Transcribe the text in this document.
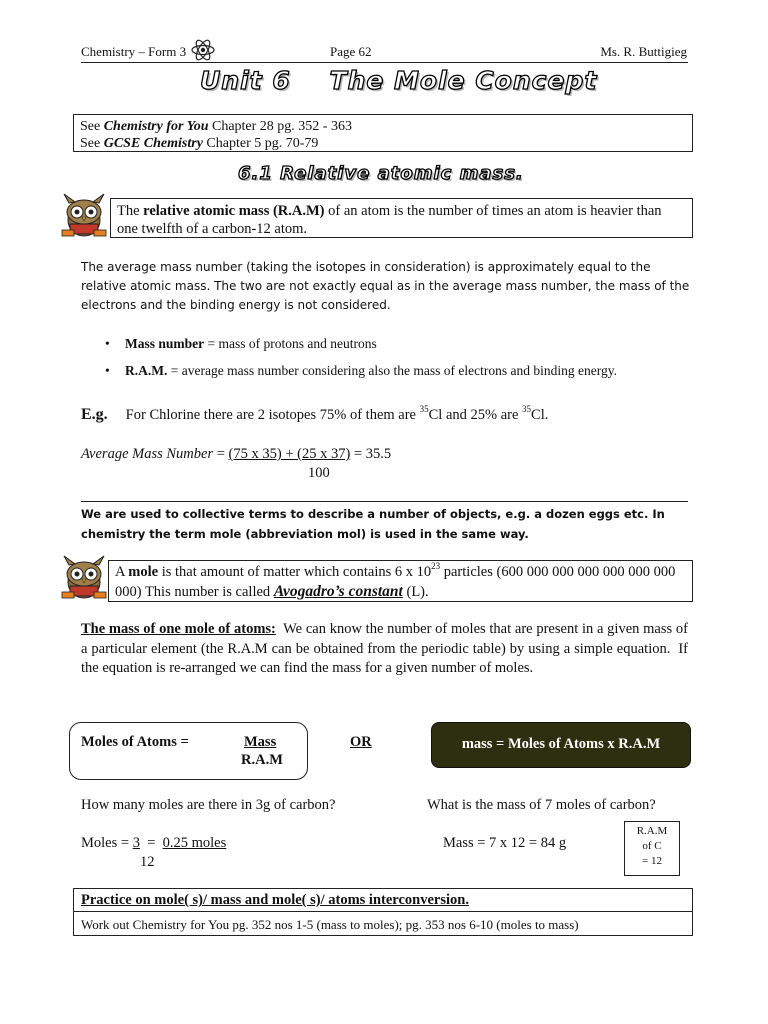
Chemistry – Form 3	Page 62	Ms. R. Buttigieg
Unit 6    The Mole Concept
See Chemistry for You Chapter 28 pg. 352 - 363
See GCSE Chemistry Chapter 5 pg. 70-79
6.1 Relative atomic mass.
The relative atomic mass (R.A.M) of an atom is the number of times an atom is heavier than one twelfth of a carbon-12 atom.
The average mass number (taking the isotopes in consideration) is approximately equal to the relative atomic mass. The two are not exactly equal as in the average mass number, the mass of the electrons and the binding energy is not considered.
• Mass number = mass of protons and neutrons
• R.A.M. = average mass number considering also the mass of electrons and binding energy.
E.g. For Chlorine there are 2 isotopes 75% of them are $^{35}$Cl and 25% are $^{35}$Cl.
Average Mass Number = (75 x 35) + (25 x 37) = 35.5
100
We are used to collective terms to describe a number of objects, e.g. a dozen eggs etc. In chemistry the term mole (abbreviation mol) is used in the same way.
A mole is that amount of matter which contains 6 x $10^{23}$ particles (600 000 000 000 000 000 000 000) This number is called Avogadro’s constant (L).
The mass of one mole of atoms:  We can know the number of moles that are present in a given mass of a particular element (the R.A.M can be obtained from the periodic table) by using a simple equation.  If the equation is re-arranged we can find the mass for a given number of moles.
Moles of Atoms =	Mass
R.A.M
OR	mass = Moles of Atoms x R.A.M
How many moles are there in 3g of carbon?	What is the mass of 7 moles of carbon?
Moles = 3  =  0.25 moles
12
Mass = 7 x 12 = 84 g
R.A.M
of C
= 12
Practice on mole( s)/ mass and mole( s)/ atoms interconversion.
Work out Chemistry for You pg. 352 nos 1-5 (mass to moles); pg. 353 nos 6-10 (moles to mass)
